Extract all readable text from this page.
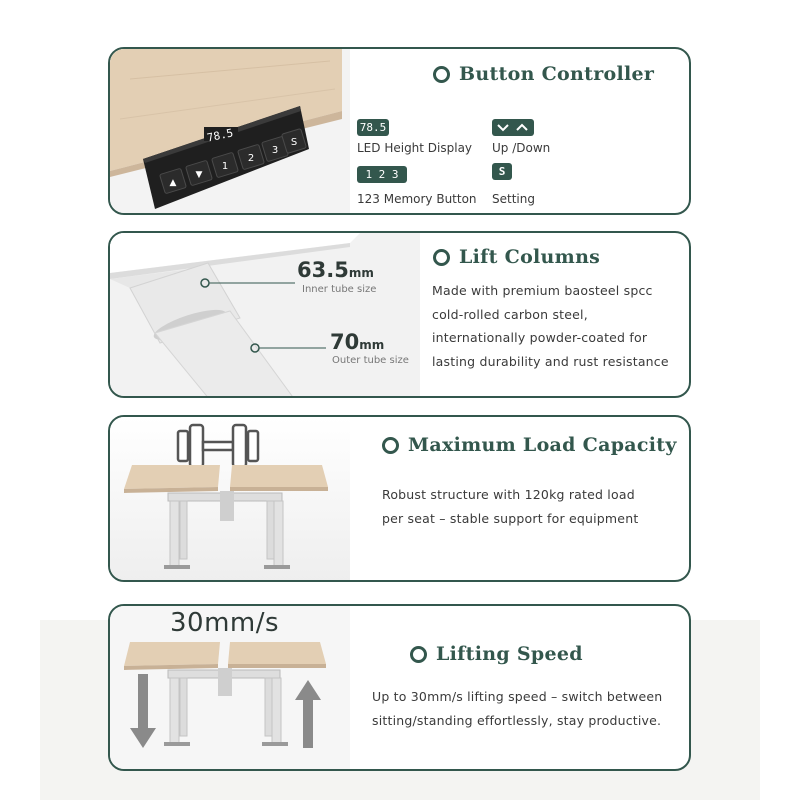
78.5
▲
▼
1
2
3
S
Button Controller
78.5
LED Height Display Up /Down
1 2 3
123 Memory Button
S
Setting
63.5mm
Inner tube size
70mm
Outer tube size
Lift Columns
Made with premium baosteel spcc
cold-rolled carbon steel,
internationally powder-coated for
lasting durability and rust resistance
Maximum Load Capacity
Robust structure with 120kg rated load
per seat – stable support for equipment
Lifting Speed
Up to 30mm/s lifting speed – switch between
sitting/standing effortlessly, stay productive.
30mm/s
